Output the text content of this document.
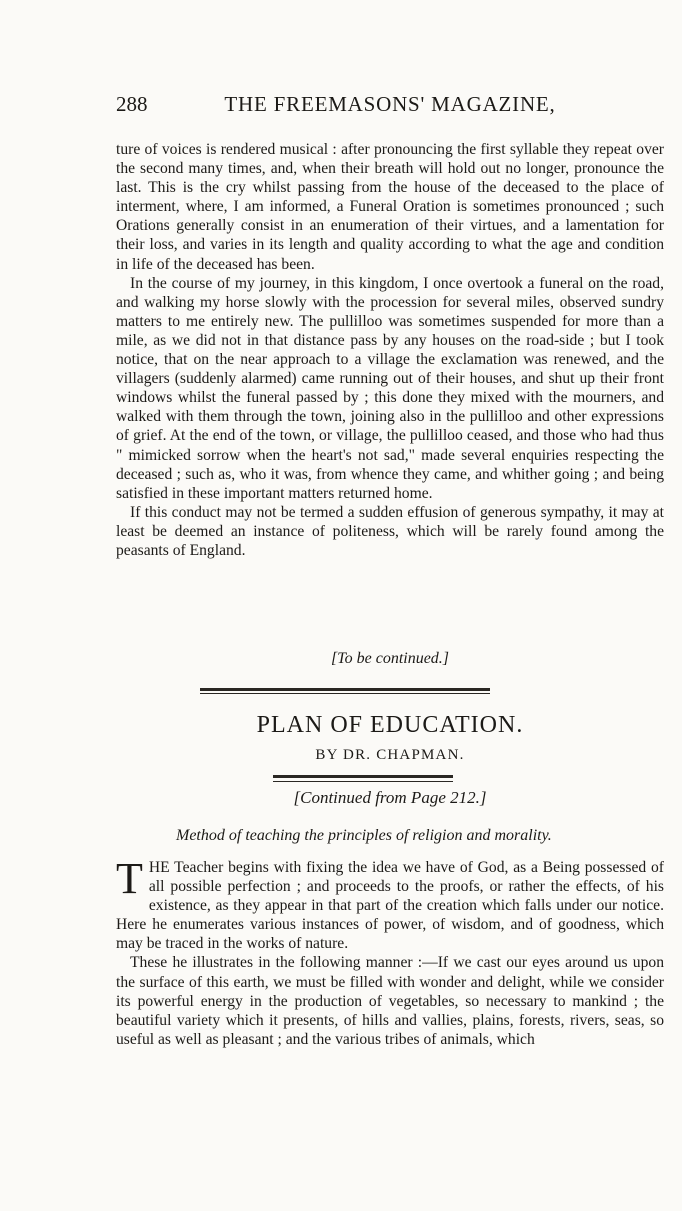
288	THE FREEMASONS' MAGAZINE,

ture of voices is rendered musical : after pronouncing the first syllable they repeat over the second many times, and, when their breath will hold out no longer, pronounce the last. This is the cry whilst passing from the house of the deceased to the place of interment, where, I am informed, a Funeral Oration is sometimes pronounced ; such Orations generally consist in an enumeration of their virtues, and a lamentation for their loss, and varies in its length and quality according to what the age and condition in life of the deceased has been.

In the course of my journey, in this kingdom, I once overtook a funeral on the road, and walking my horse slowly with the procession for several miles, observed sundry matters to me entirely new. The pullilloo was sometimes suspended for more than a mile, as we did not in that distance pass by any houses on the road-side ; but I took notice, that on the near approach to a village the exclamation was renewed, and the villagers (suddenly alarmed) came running out of their houses, and shut up their front windows whilst the funeral passed by ; this done they mixed with the mourners, and walked with them through the town, joining also in the pullilloo and other expressions of grief. At the end of the town, or village, the pullilloo ceased, and those who had thus " mimicked sorrow when the heart's not sad," made several enquiries respecting the deceased ; such as, who it was, from whence they came, and whither going ; and being satisfied in these important matters returned home.

If this conduct may not be termed a sudden effusion of generous sympathy, it may at least be deemed an instance of politeness, which will be rarely found among the peasants of England.

[To be continued.]
PLAN OF EDUCATION.
BY DR. CHAPMAN.
[Continued from Page 212.]
Method of teaching the principles of religion and morality.

THE Teacher begins with fixing the idea we have of God, as a Being possessed of all possible perfection ; and proceeds to the proofs, or rather the effects, of his existence, as they appear in that part of the creation which falls under our notice. Here he enumerates various instances of power, of wisdom, and of goodness, which may be traced in the works of nature.

These he illustrates in the following manner :—If we cast our eyes around us upon the surface of this earth, we must be filled with wonder and delight, while we consider its powerful energy in the production of vegetables, so necessary to mankind ; the beautiful variety which it presents, of hills and vallies, plains, forests, rivers, seas, so useful as well as pleasant ; and the various tribes of animals, which
